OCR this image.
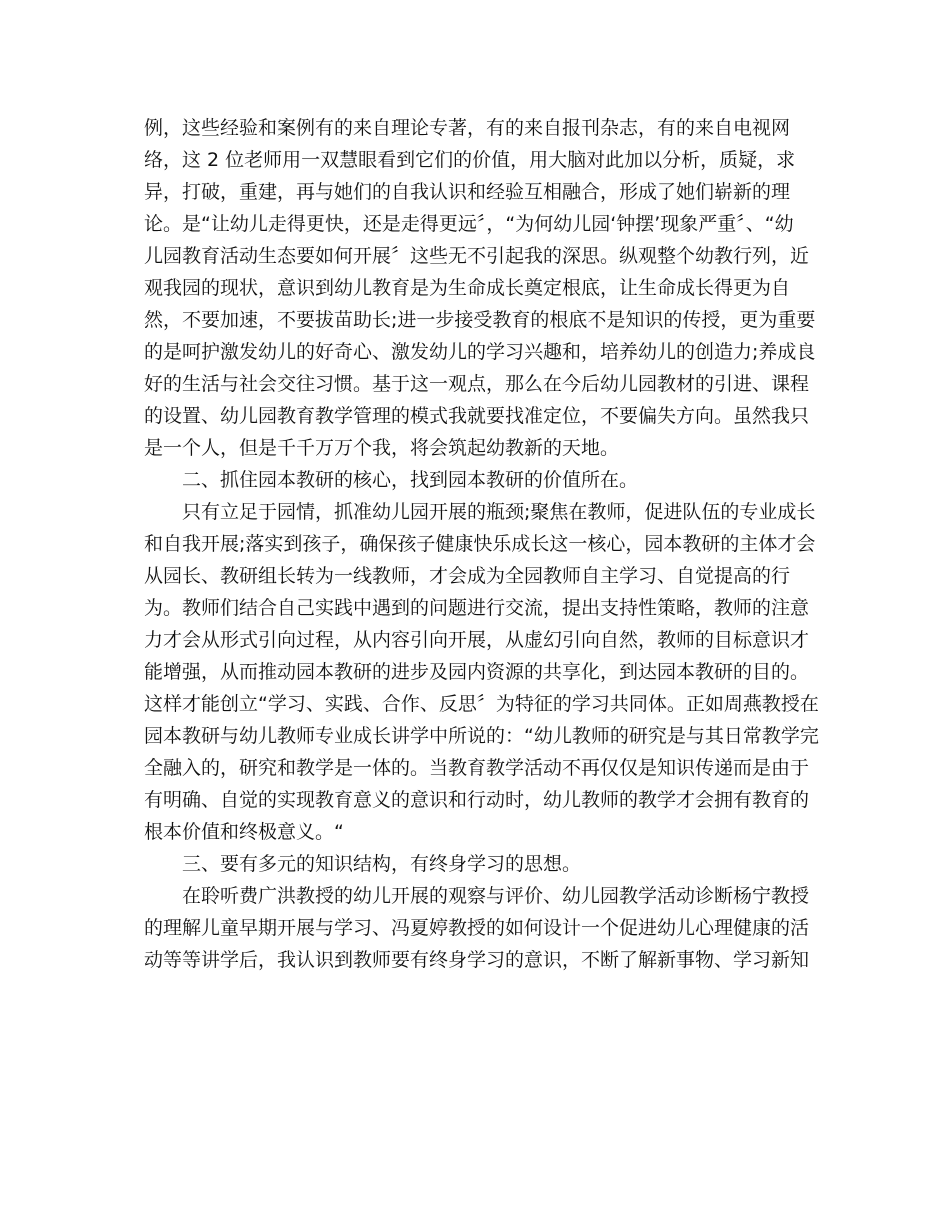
例，这些经验和案例有的来自理论专著，有的来自报刊杂志，有的来自电视网
络，这 2 位老师用一双慧眼看到它们的价值，用大脑对此加以分析，质疑，求
异，打破，重建，再与她们的自我认识和经验互相融合，形成了她们崭新的理
论。是“让幼儿走得更快，还是走得更远〞，“为何幼儿园‘钟摆’现象严重〞、“幼
儿园教育活动生态要如何开展〞这些无不引起我的深思。纵观整个幼教行列，近
观我园的现状，意识到幼儿教育是为生命成长奠定根底，让生命成长得更为自
然，不要加速，不要拔苗助长;进一步接受教育的根底不是知识的传授，更为重要
的是呵护激发幼儿的好奇心、激发幼儿的学习兴趣和，培养幼儿的创造力;养成良
好的生活与社会交往习惯。基于这一观点，那么在今后幼儿园教材的引进、课程
的设置、幼儿园教育教学管理的模式我就要找准定位，不要偏失方向。虽然我只
是一个人，但是千千万万个我，将会筑起幼教新的天地。
　　二、抓住园本教研的核心，找到园本教研的价值所在。
　　只有立足于园情，抓准幼儿园开展的瓶颈;聚焦在教师，促进队伍的专业成长
和自我开展;落实到孩子，确保孩子健康快乐成长这一核心，园本教研的主体才会
从园长、教研组长转为一线教师，才会成为全园教师自主学习、自觉提高的行
为。教师们结合自己实践中遇到的问题进行交流，提出支持性策略，教师的注意
力才会从形式引向过程，从内容引向开展，从虚幻引向自然，教师的目标意识才
能增强，从而推动园本教研的进步及园内资源的共享化，到达园本教研的目的。
这样才能创立“学习、实践、合作、反思〞为特征的学习共同体。正如周燕教授在
园本教研与幼儿教师专业成长讲学中所说的：“幼儿教师的研究是与其日常教学完
全融入的，研究和教学是一体的。当教育教学活动不再仅仅是知识传递而是由于
有明确、自觉的实现教育意义的意识和行动时，幼儿教师的教学才会拥有教育的
根本价值和终极意义。“
　　三、要有多元的知识结构，有终身学习的思想。
　　在聆听费广洪教授的幼儿开展的观察与评价、幼儿园教学活动诊断杨宁教授
的理解儿童早期开展与学习、冯夏婷教授的如何设计一个促进幼儿心理健康的活
动等等讲学后，我认识到教师要有终身学习的意识，不断了解新事物、学习新知
